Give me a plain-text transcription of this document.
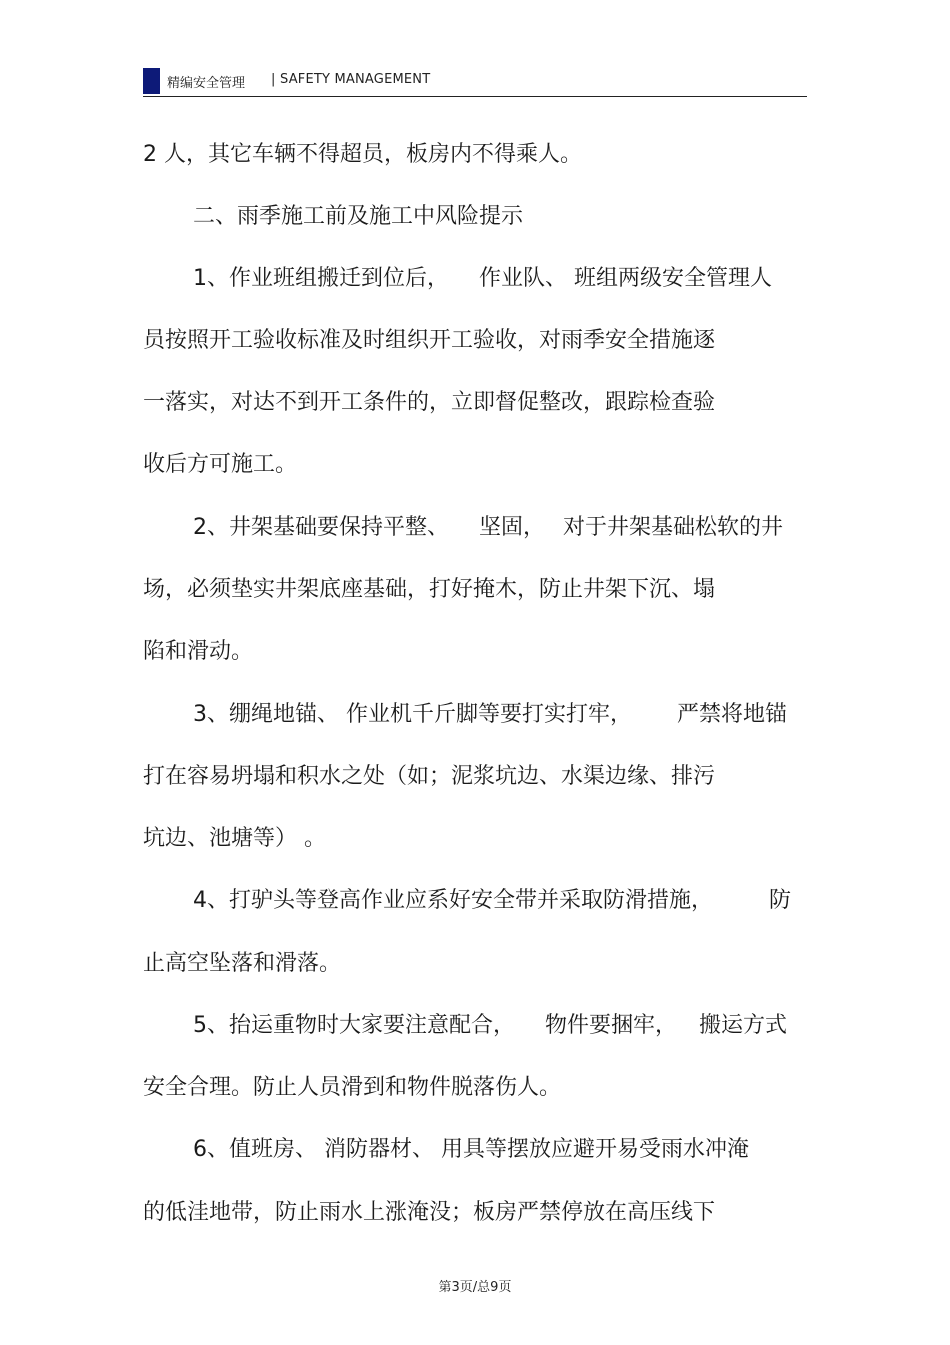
精编安全管理 | SAFETY MANAGEMENT
2 人，其它车辆不得超员，板房内不得乘人。
二、雨季施工前及施工中风险提示
1、作业班组搬迁到位后， 作业队、 班组两级安全管理人
员按照开工验收标准及时组织开工验收，对雨季安全措施逐
一落实，对达不到开工条件的，立即督促整改，跟踪检查验
收后方可施工。
2、井架基础要保持平整、 坚固， 对于井架基础松软的井
场，必须垫实井架底座基础，打好掩木，防止井架下沉、塌
陷和滑动。
3、绷绳地锚、 作业机千斤脚等要打实打牢， 严禁将地锚
打在容易坍塌和积水之处（如；泥浆坑边、水渠边缘、排污
坑边、池塘等） 。
4、打驴头等登高作业应系好安全带并采取防滑措施，	防
止高空坠落和滑落。
5、抬运重物时大家要注意配合， 物件要捆牢， 搬运方式
安全合理。防止人员滑到和物件脱落伤人。
6、值班房、 消防器材、 用具等摆放应避开易受雨水冲淹
的低洼地带，防止雨水上涨淹没；板房严禁停放在高压线下
第3页/总9页
